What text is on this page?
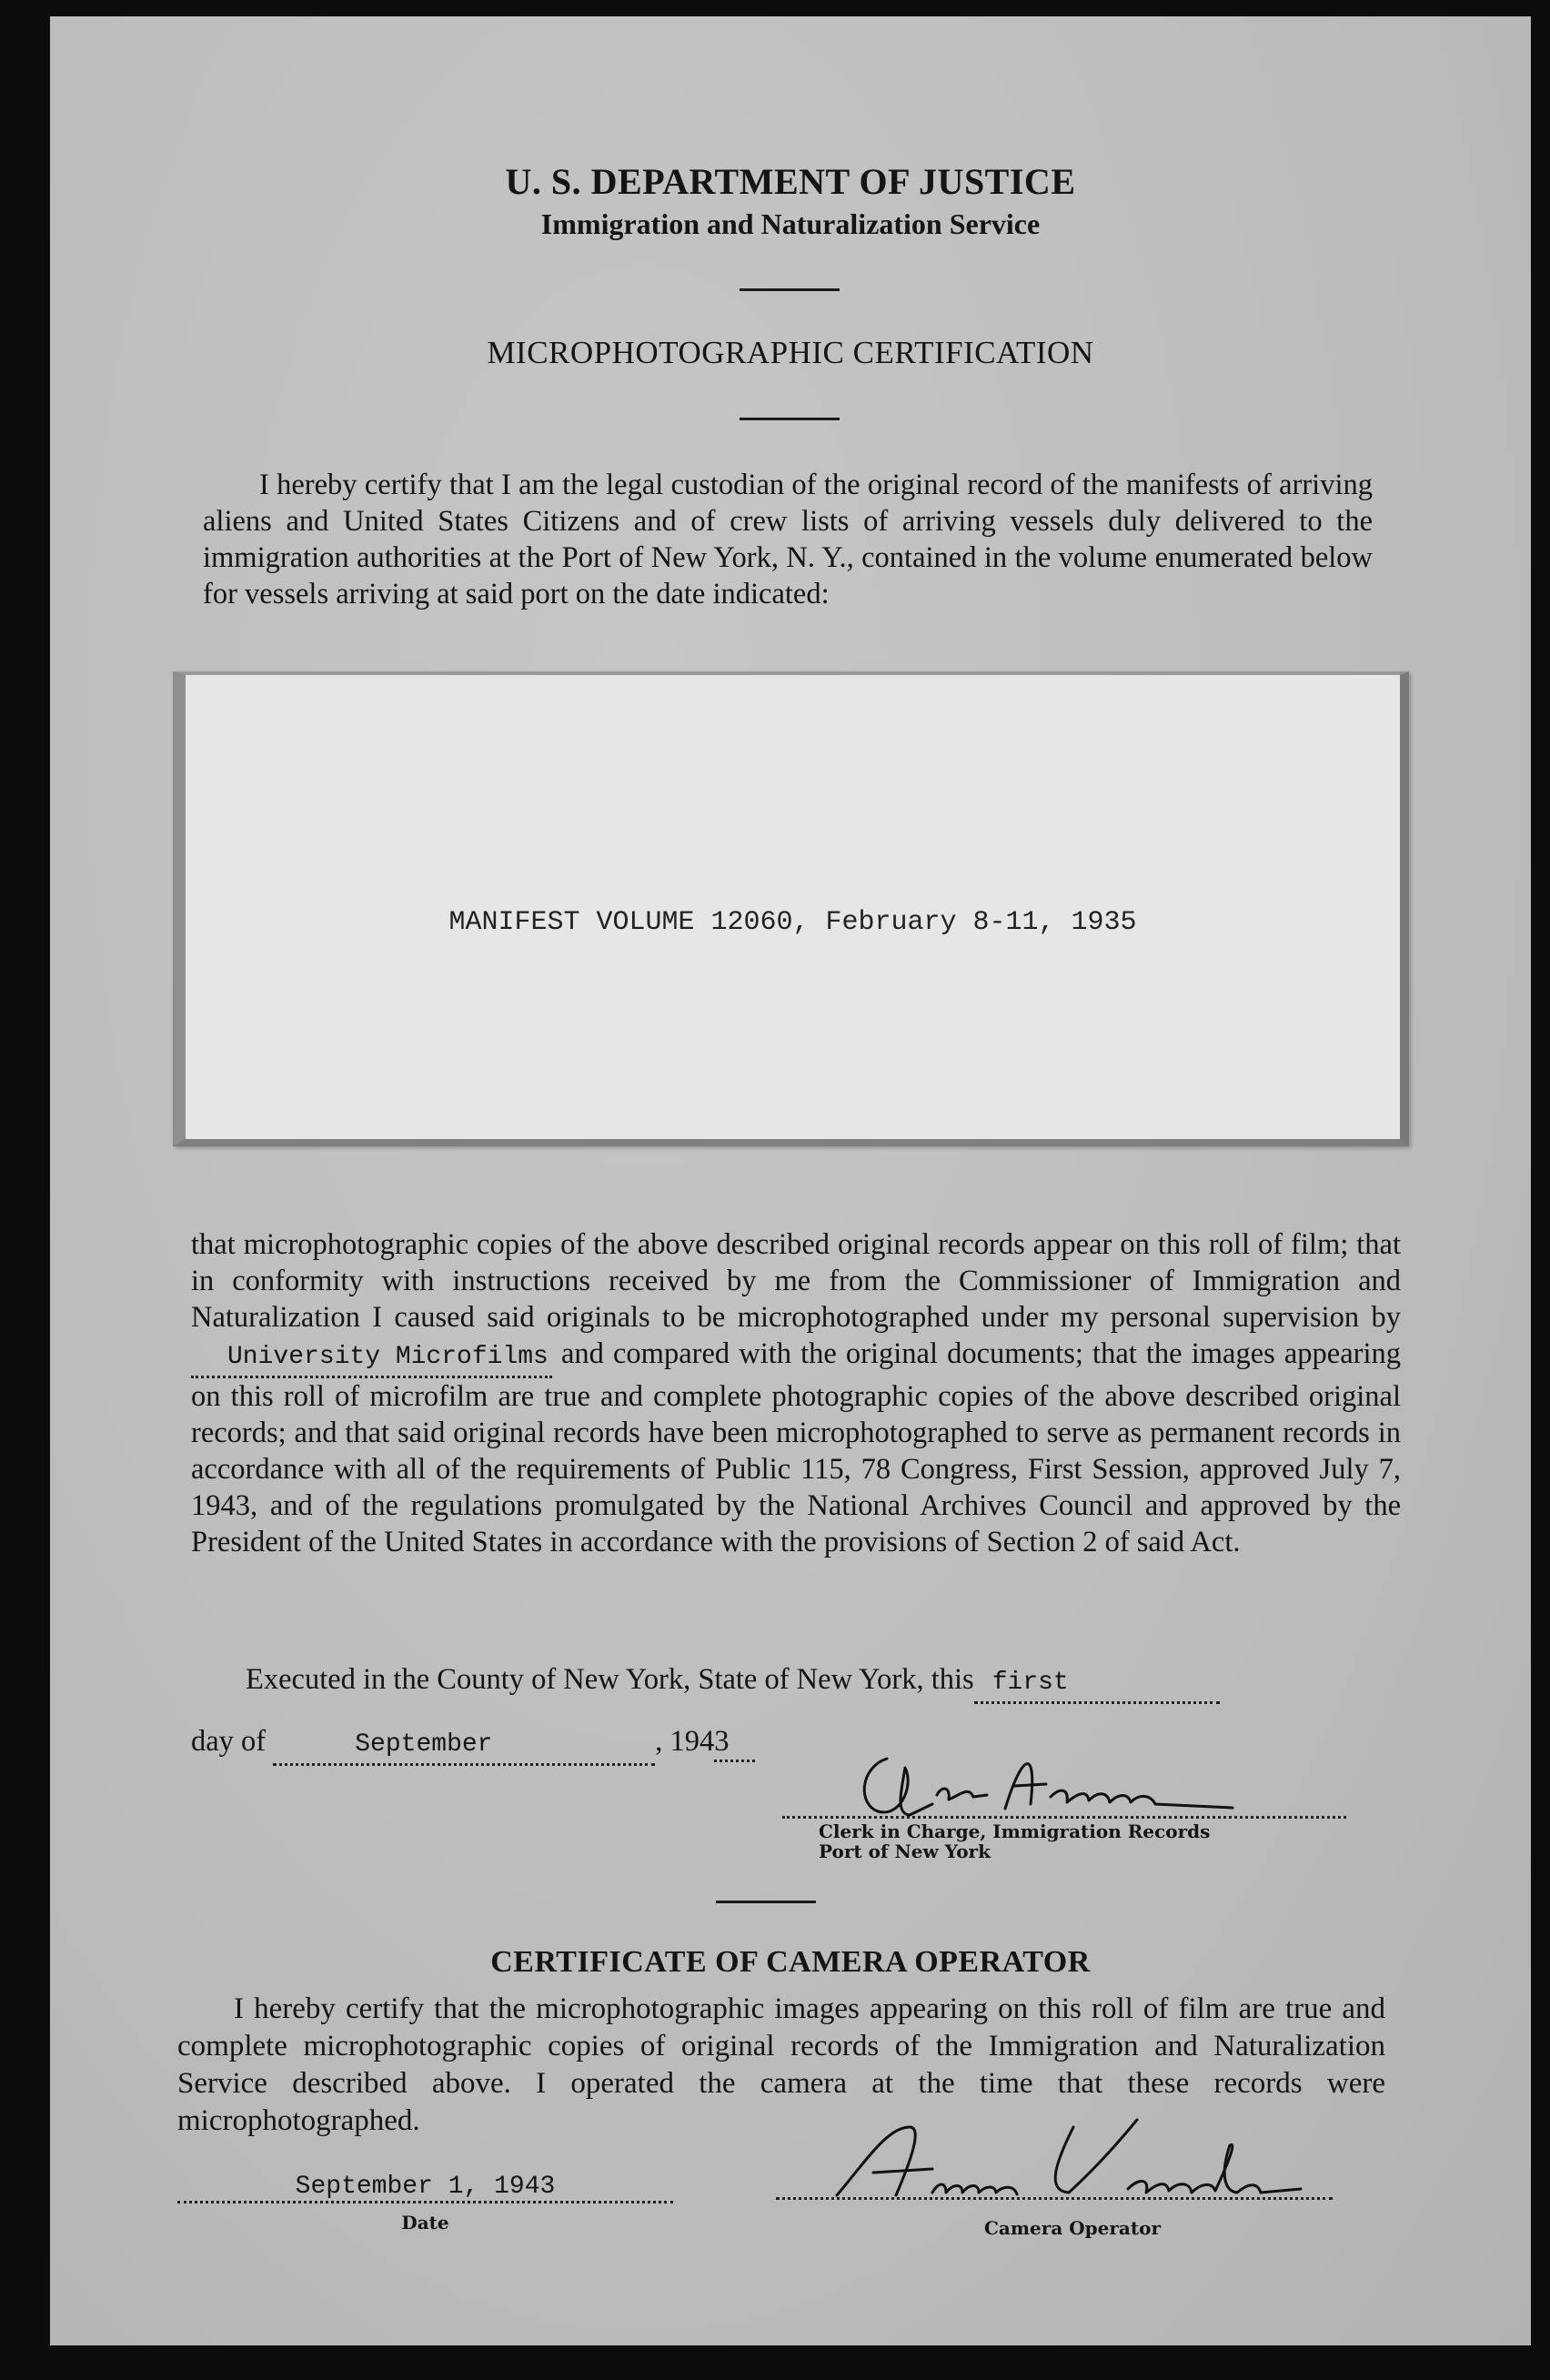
U. S. DEPARTMENT OF JUSTICE
Immigration and Naturalization Service
MICROPHOTOGRAPHIC CERTIFICATION
I hereby certify that I am the legal custodian of the original record of the manifests of arriving aliens and United States Citizens and of crew lists of arriving vessels duly delivered to the immigration authorities at the Port of New York, N. Y., contained in the volume enumerated below for vessels arriving at said port on the date indicated:
MANIFEST VOLUME 12060, February 8-11, 1935
that microphotographic copies of the above described original records appear on this roll of film; that in conformity with instructions received by me from the Commissioner of Immigration and Naturalization I caused said originals to be microphotographed under my personal supervision byUniversity Microfilms and compared with the original documents; that the images appearing on this roll of microfilm are true and complete photographic copies of the above described original records; and that said original records have been microphotographed to serve as permanent records in accordance with all of the requirements of Public 115, 78 Congress, First Session, approved July 7, 1943, and of the regulations promulgated by the National Archives Council and approved by the President of the United States in accordance with the provisions of Section 2 of said Act.
Executed in the County of New York, State of New York, this first
day of	September	, 1943
Clerk in Charge, Immigration Records
Port of New York
CERTIFICATE OF CAMERA OPERATOR
I hereby certify that the microphotographic images appearing on this roll of film are true and complete microphotographic copies of original records of the Immigration and Naturalization Service described above. I operated the camera at the time that these records were microphotographed.
September 1, 1943
Date	Camera Operator
